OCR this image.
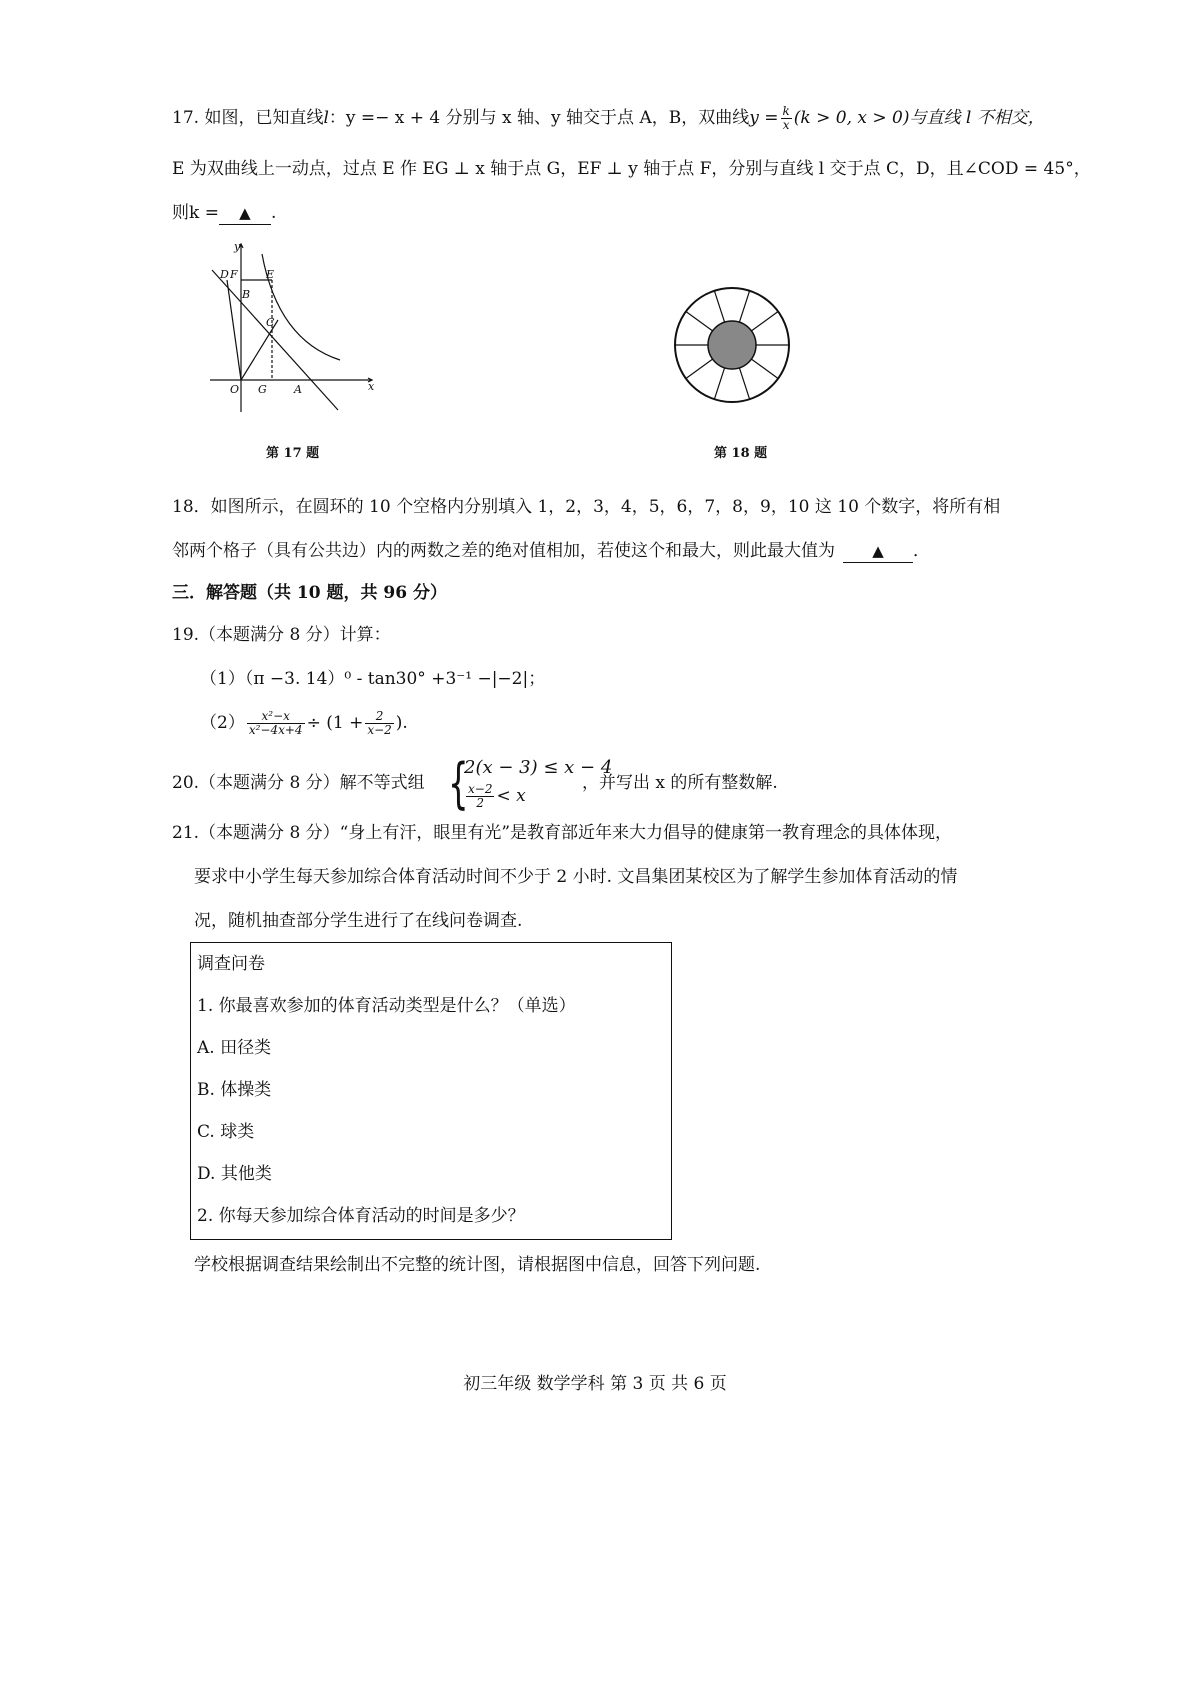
17. 如图，已知直线l：y =− x + 4 分别与 x 轴、y 轴交于点 A，B，双曲线$y = \frac{k}{x} (k > 0$, x > 0)与直线 l 不相交，
E 为双曲线上一动点，过点 E 作 EG ⊥ x 轴于点 G，EF ⊥ y 轴于点 F，分别与直线 l 交于点 C，D，且∠COD = 45°，
则k = ▲ .
y
D F	E
B
C
O G A	x
第 17 题	第 18 题
18．如图所示，在圆环的 10 个空格内分别填入 1，2，3，4，5，6，7，8，9，10 这 10 个数字，将所有相
邻两个格子（具有公共边）内的两数之差的绝对值相加，若使这个和最大，则此最大值为 ▲ ．
三．解答题（共 10 题，共 96 分）
19.（本题满分 8 分）计算：
（1）（π −3. 14）⁰ - tan30° +3⁻¹ −|−2|；
$(2) \frac{\text{x²−x}}{\text{x²−4x+4}} \div (1 + \frac{2}{x-2}$ ).
20.（本题满分 8 分）解不等式组 {
2(x − 3) ≤ x − 4
$\frac{x-2}{2} < x$
，并写出 x 的所有整数解.
21.（本题满分 8 分）“身上有汗，眼里有光”是教育部近年来大力倡导的健康第一教育理念的具体体现，
要求中小学生每天参加综合体育活动时间不少于 2 小时. 文昌集团某校区为了解学生参加体育活动的情
况，随机抽查部分学生进行了在线问卷调查.
调查问卷
1. 你最喜欢参加的体育活动类型是什么？（单选）
A. 田径类
B. 体操类
C. 球类
D. 其他类
2. 你每天参加综合体育活动的时间是多少？
学校根据调查结果绘制出不完整的统计图，请根据图中信息，回答下列问题.
初三年级 数学学科 第 3 页 共 6 页
